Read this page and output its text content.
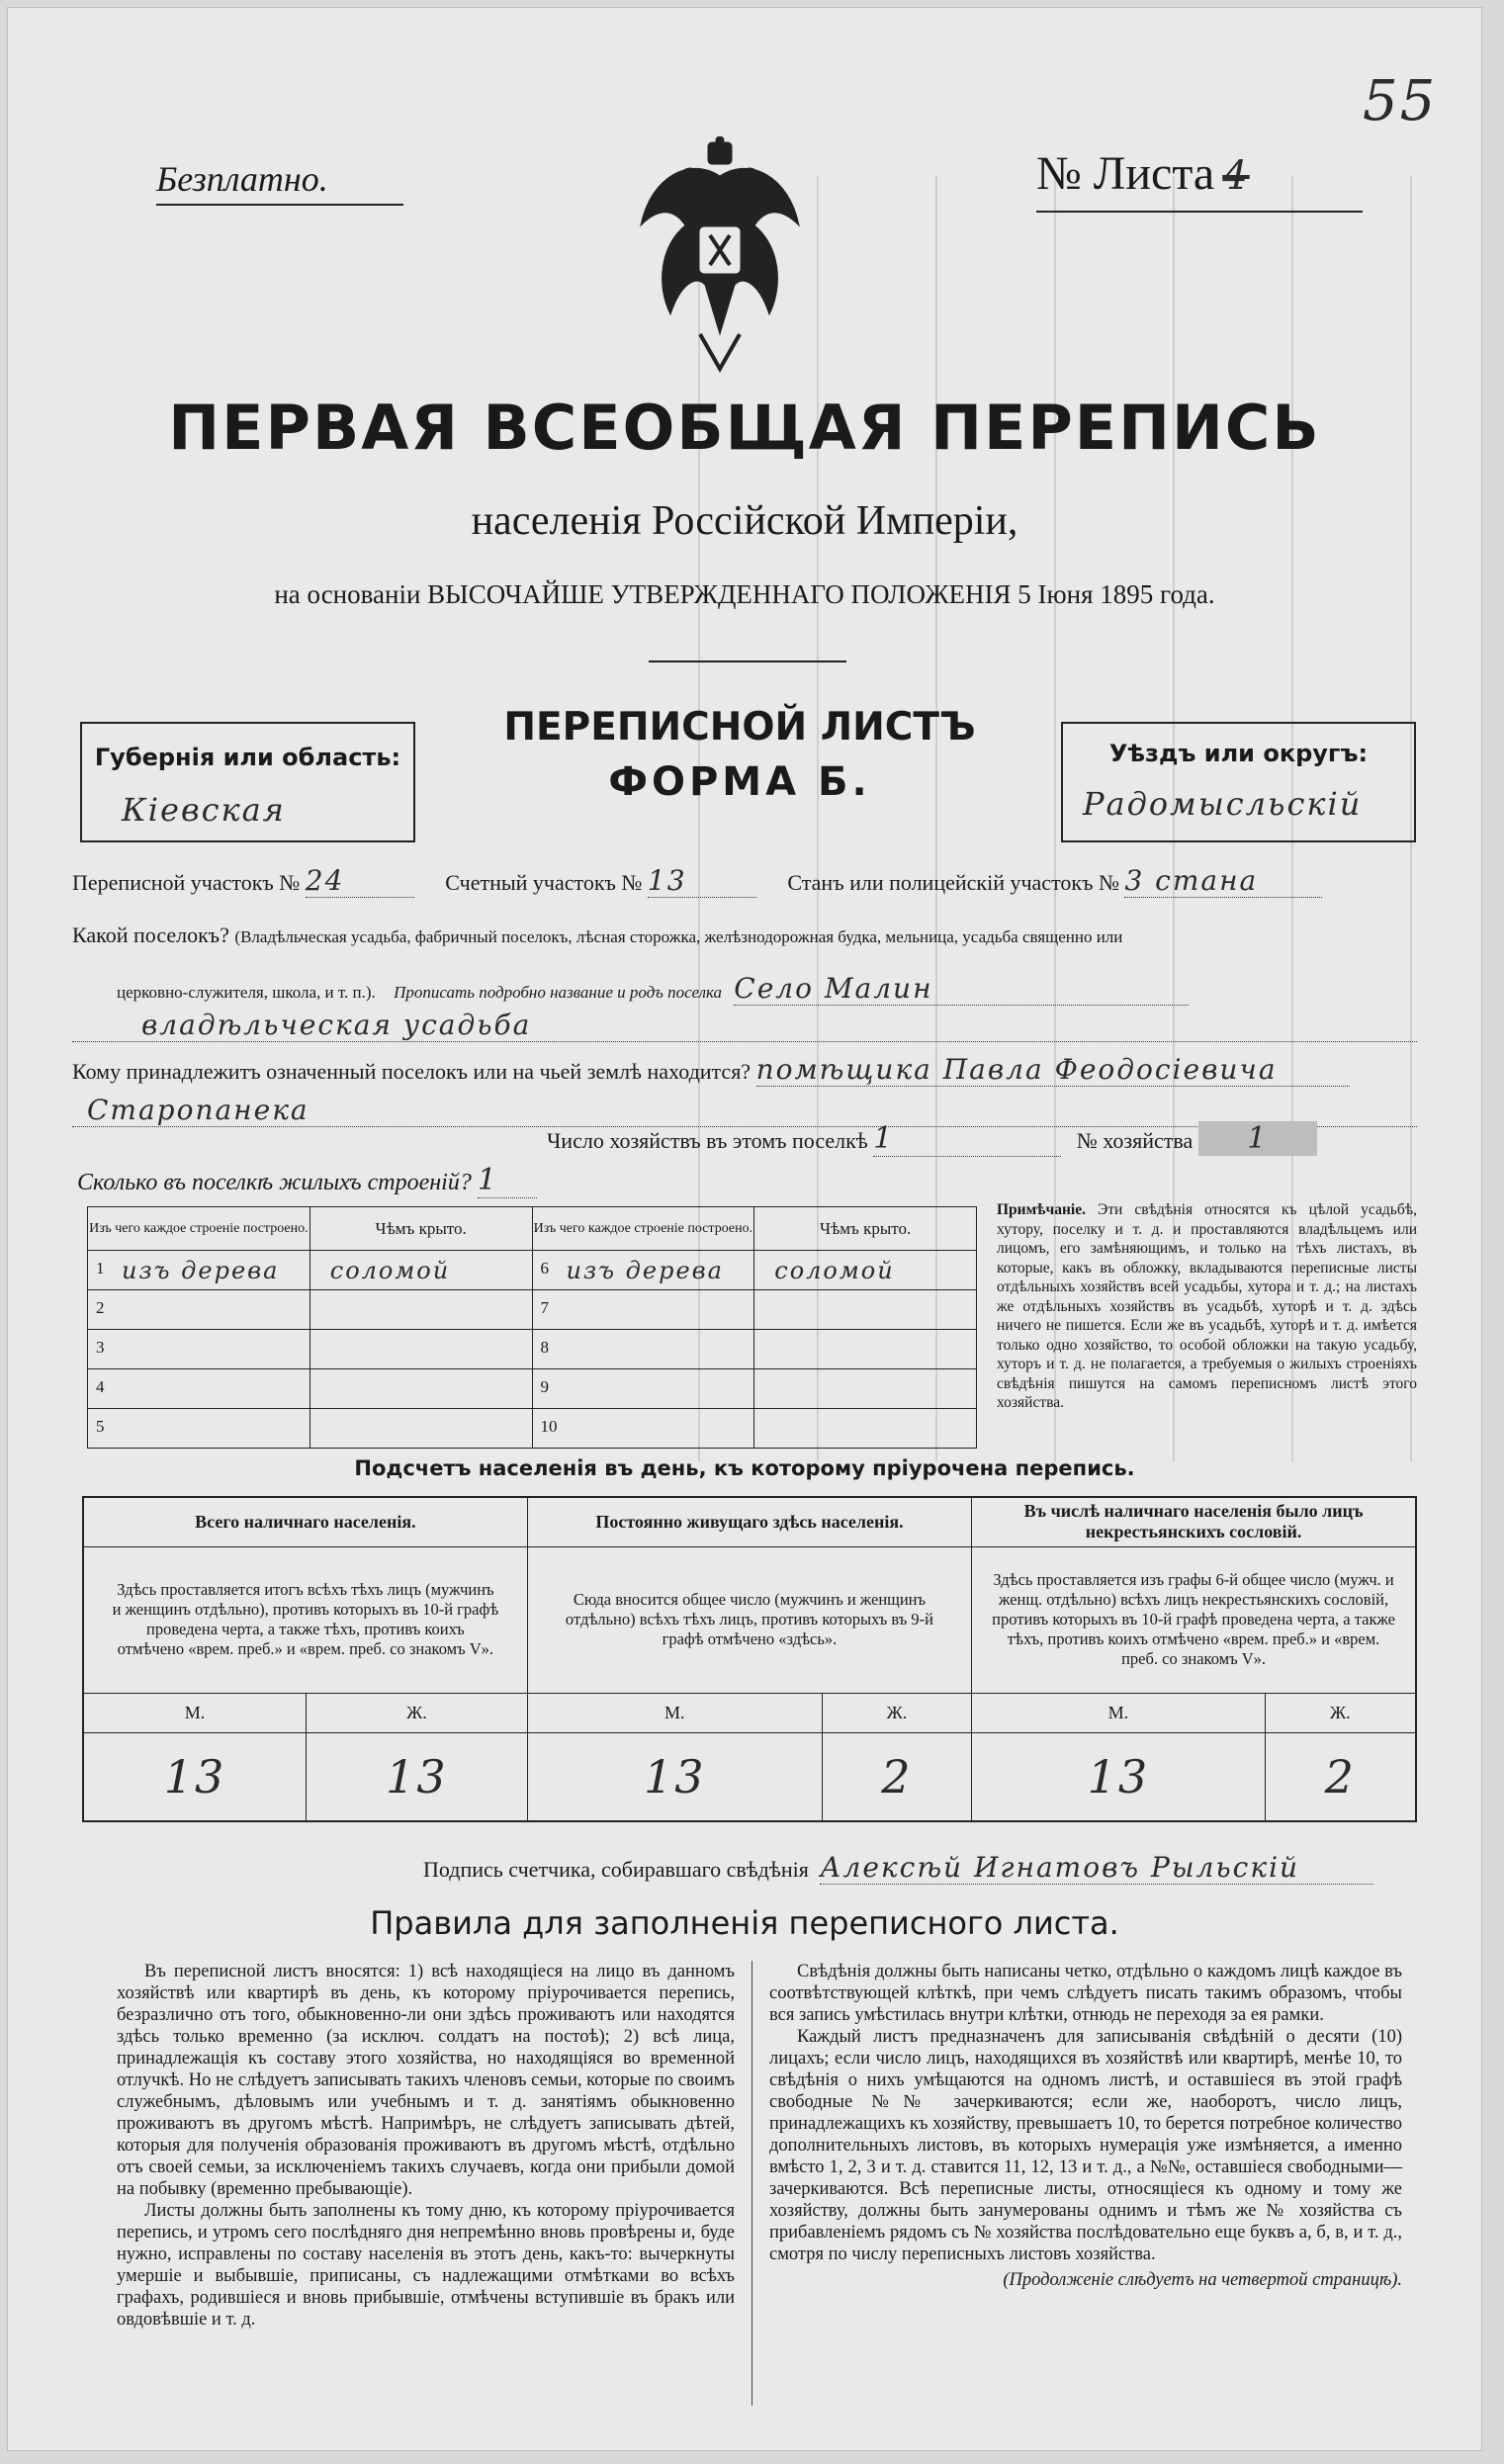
55
Безплатно.	№ Листа 4
ПЕРВАЯ ВСЕОБЩАЯ ПЕРЕПИСЬ
населенія Россійской Имперіи,
на основаніи ВЫСОЧАЙШЕ УТВЕРЖДЕННАГО ПОЛОЖЕНІЯ 5 Іюня 1895 года.
Губернія или область:
Кіевская
ПЕРЕПИСНОЙ ЛИСТЪ
ФОРМА Б.
Уѣздъ или округъ:
Радомысльскій
Переписной участокъ № 24	Счетный участокъ № 13	Станъ или полицейскій участокъ № 3 стана
Какой поселокъ? (Владѣльческая усадьба, фабричный поселокъ, лѣсная сторожка, желѣзнодорожная будка, мельница, усадьба священно или
церковно-служителя, школа, и т. п.). Прописать подробно название и родъ поселка Село Малин
владѣльческая усадьба
Кому принадлежитъ означенный поселокъ или на чьей землѣ находится? помѣщика Павла Феодосіевича
Старопанека
Число хозяйствъ въ этомъ поселкѣ 1	№ хозяйства 1
Сколько въ поселкѣ жилыхъ строеній? 1
Изъ чего каждое строеніе построено.	Чѣмъ крыто.	Изъ чего каждое строеніе построено.	Чѣмъ крыто.

1 изъ дерева	соломой	6 изъ дерева	соломой

2		7	

3		8	

4		9	

5		10	

Примѣчаніе. Эти свѣдѣнія относятся къ цѣлой усадьбѣ, хутору, поселку и т. д. и проставляются владѣльцемъ или лицомъ, его замѣняющимъ, и только на тѣхъ листахъ, въ которые, какъ въ обложку, вкладываются переписные листы отдѣльныхъ хозяйствъ всей усадьбы, хутора и т. д.; на листахъ же отдѣльныхъ хозяйствъ въ усадьбѣ, хуторѣ и т. д. здѣсь ничего не пишется. Если же въ усадьбѣ, хуторѣ и т. д. имѣется только одно хозяйство, то особой обложки на такую усадьбу, хуторъ и т. д. не полагается, а требуемыя о жилыхъ строеніяхъ свѣдѣнія пишутся на самомъ переписномъ листѣ этого хозяйства.
Подсчетъ населенія въ день, къ которому пріурочена перепись.
Всего наличнаго населенія.		Постоянно живущаго здѣсь населенія.		Въ числѣ наличнаго населенія было лицъ некрестьянскихъ сословій.	
Здѣсь проставляется итогъ всѣхъ тѣхъ лицъ (мужчинъ и женщинъ отдѣльно), противъ которыхъ въ 10-й графѣ проведена черта, а также тѣхъ, противъ коихъ отмѣчено «врем. преб.» и «врем. преб. со знакомъ V».		Сюда вносится общее число (мужчинъ и женщинъ отдѣльно) всѣхъ тѣхъ лицъ, противъ которыхъ въ 9-й графѣ отмѣчено «здѣсь».		Здѣсь проставляется изъ графы 6-й общее число (мужч. и женщ. отдѣльно) всѣхъ лицъ некрестьянскихъ сословій, противъ которыхъ въ 10-й графѣ проведена черта, а также тѣхъ, противъ коихъ отмѣчено «врем. преб.» и «врем. преб. со знакомъ V».	
М.	Ж.	М.	Ж.	М.	Ж.
13	13	13	2	13	2
Подпись счетчика, собиравшаго свѣдѣнія Алексѣй Игнатовъ Рыльскій
Правила для заполненія переписного листа.
Въ переписной листъ вносятся: 1) всѣ находящіеся на лицо въ данномъ хозяйствѣ или квартирѣ въ день, къ которому пріурочивается перепись, безразлично отъ того, обыкновенно-ли они здѣсь проживаютъ или находятся здѣсь только временно (за исключ. солдатъ на постоѣ); 2) всѣ лица, принадлежащія къ составу этого хозяйства, но находящіяся во временной отлучкѣ. Но не слѣдуетъ записывать такихъ членовъ семьи, которые по своимъ служебнымъ, дѣловымъ или учебнымъ и т. д. занятіямъ обыкновенно проживаютъ въ другомъ мѣстѣ. Напримѣръ, не слѣдуетъ записывать дѣтей, которыя для полученія образованія проживаютъ въ другомъ мѣстѣ, отдѣльно отъ своей семьи, за исключеніемъ такихъ случаевъ, когда они прибыли домой на побывку (временно пребывающіе).
Листы должны быть заполнены къ тому дню, къ которому пріурочивается перепись, и утромъ сего послѣдняго дня непремѣнно вновь провѣрены и, буде нужно, исправлены по составу населенія въ этотъ день, какъ-то: вычеркнуты умершіе и выбывшіе, приписаны, съ надлежащими отмѣтками во всѣхъ графахъ, родившіеся и вновь прибывшіе, отмѣчены вступившіе въ бракъ или овдовѣвшіе и т. д.
Свѣдѣнія должны быть написаны четко, отдѣльно о каждомъ лицѣ каждое въ соотвѣтствующей клѣткѣ, при чемъ слѣдуетъ писать такимъ образомъ, чтобы вся запись умѣстилась внутри клѣтки, отнюдь не переходя за ея рамки.
Каждый листъ предназначенъ для записыванія свѣдѣній о десяти (10) лицахъ; если число лицъ, находящихся въ хозяйствѣ или квартирѣ, менѣе 10, то свѣдѣнія о нихъ умѣщаются на одномъ листѣ, и оставшіеся въ этой графѣ свободные №№ зачеркиваются; если же, наоборотъ, число лицъ, принадлежащихъ къ хозяйству, превышаетъ 10, то берется потребное количество дополнительныхъ листовъ, въ которыхъ нумерація уже измѣняется, а именно вмѣсто 1, 2, 3 и т. д. ставится 11, 12, 13 и т. д., а №№, оставшіеся свободными—зачеркиваются. Всѣ переписные листы, относящіеся къ одному и тому же хозяйству, должны быть занумерованы однимъ и тѣмъ же № хозяйства съ прибавленіемъ рядомъ съ № хозяйства послѣдовательно еще буквъ а, б, в, и т. д., смотря по числу переписныхъ листовъ хозяйства.
(Продолженіе слѣдуетъ на четвертой страницѣ).
